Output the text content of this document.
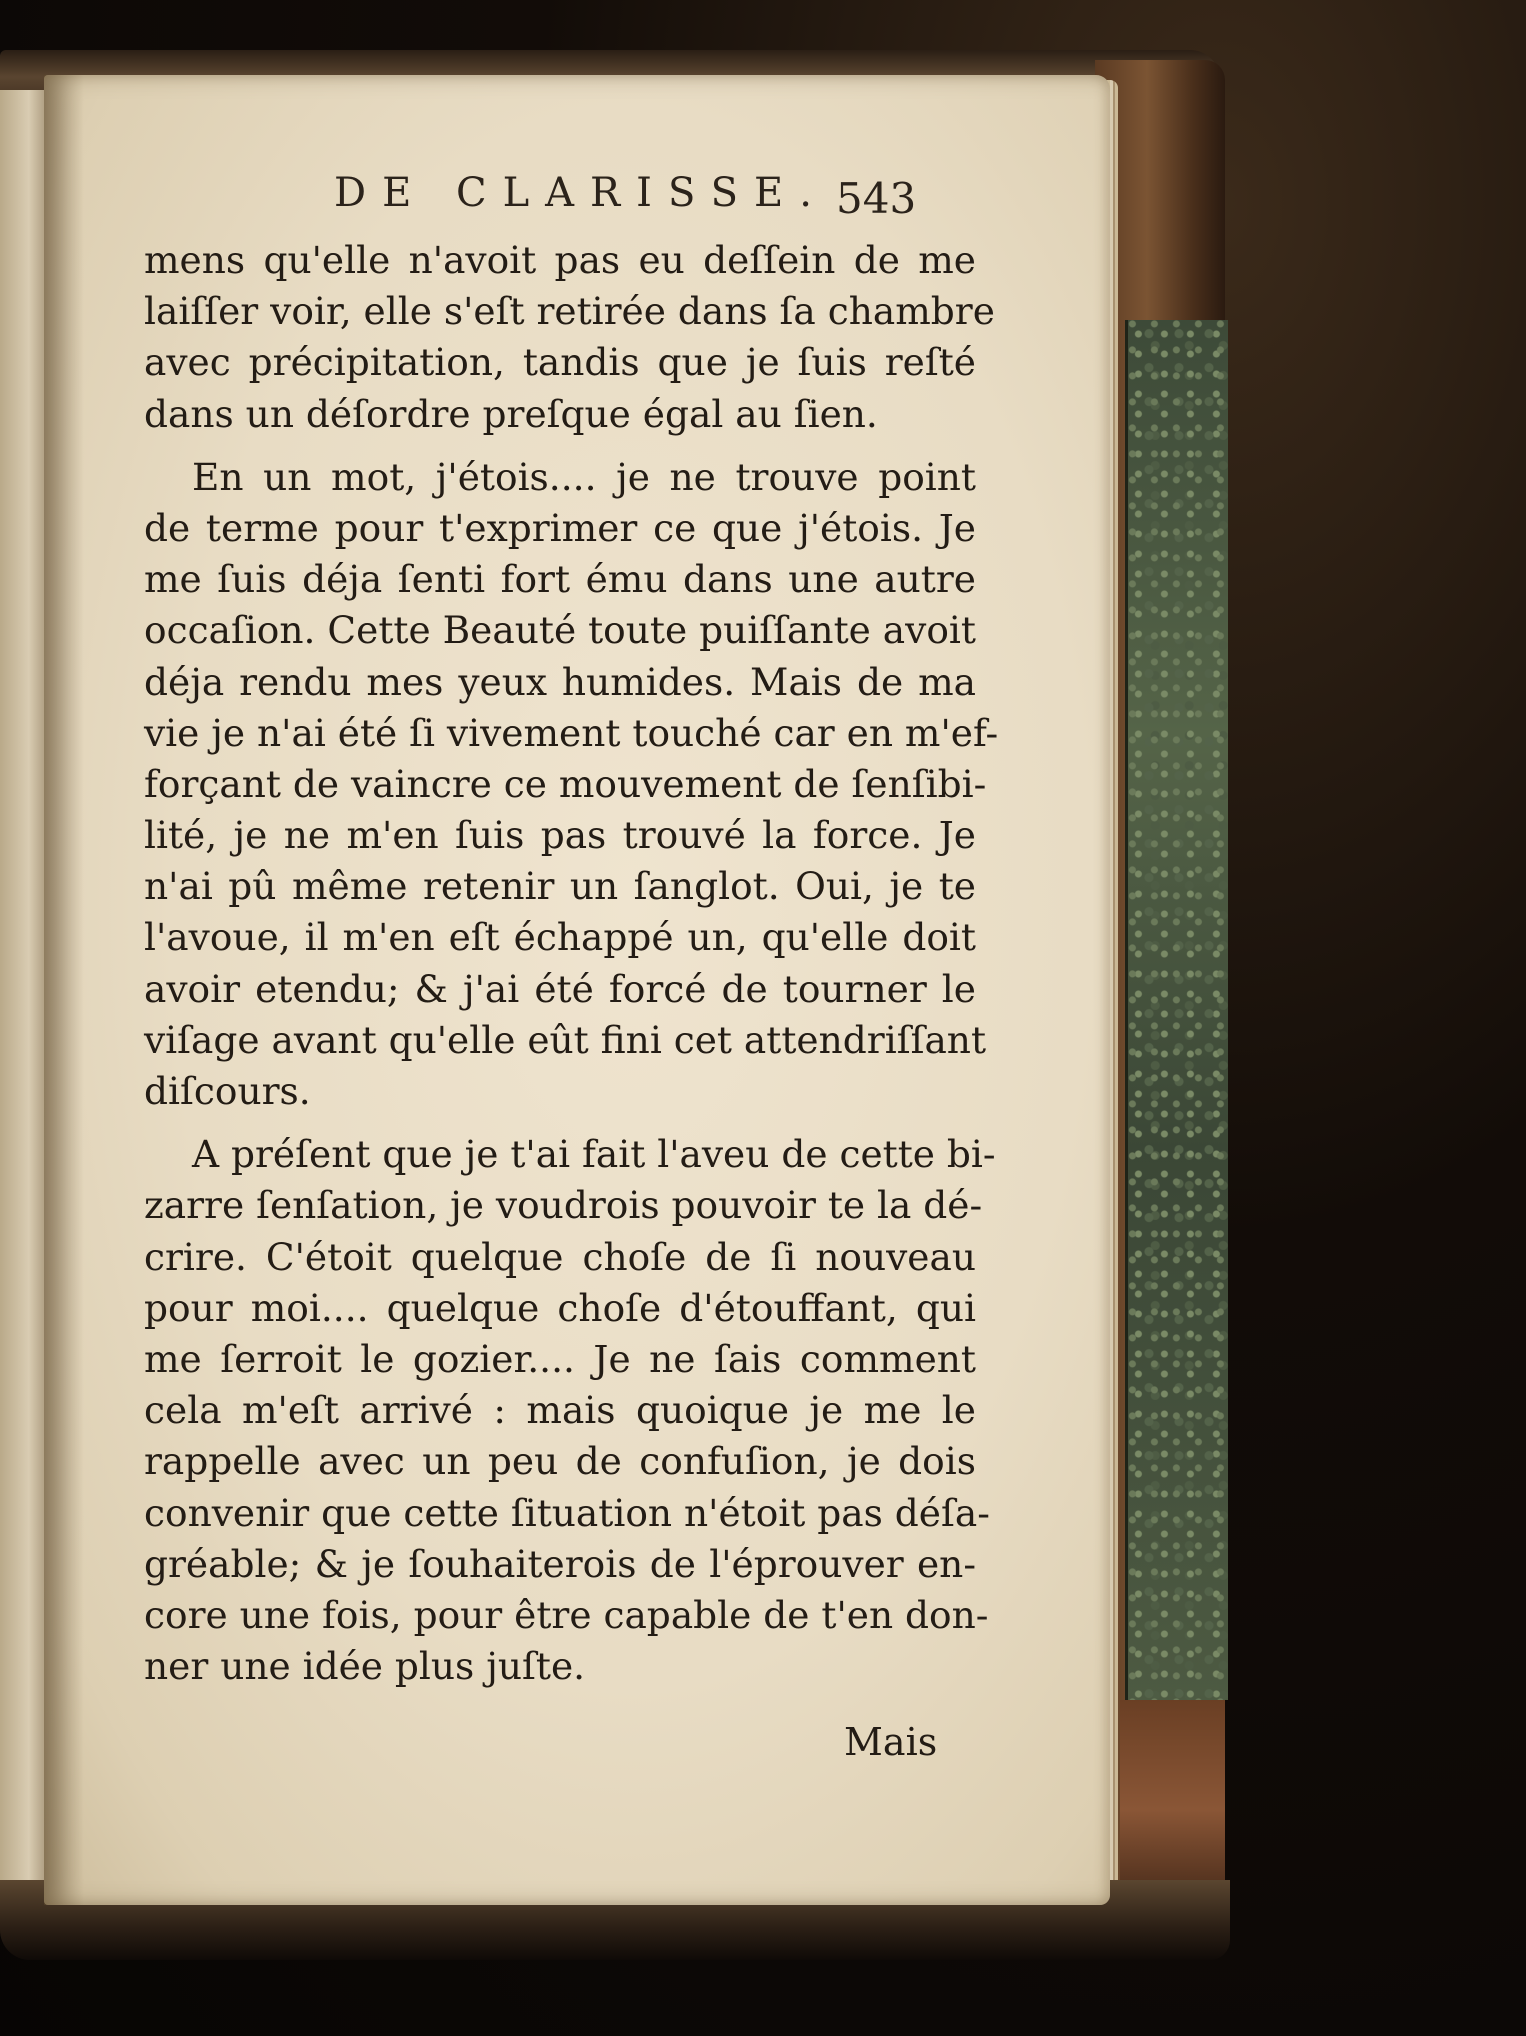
DE CLARISSE. 543
mens qu'elle n'avoit pas eu deſſein de me
laiſſer voir, elle s'eſt retirée dans ſa chambre
avec précipitation, tandis que je ſuis reſté
dans un déſordre preſque égal au ſien.
En un mot, j'étois.... je ne trouve point
de terme pour t'exprimer ce que j'étois. Je
me ſuis déja ſenti fort ému dans une autre
occaſion. Cette Beauté toute puiſſante avoit
déja rendu mes yeux humides. Mais de ma
vie je n'ai été ſi vivement touché car en m'ef-
forçant de vaincre ce mouvement de ſenſibi-
lité, je ne m'en ſuis pas trouvé la force. Je
n'ai pû même retenir un ſanglot. Oui, je te
l'avoue, il m'en eſt échappé un, qu'elle doit
avoir etendu; & j'ai été forcé de tourner le
viſage avant qu'elle eût fini cet attendriſſant
diſcours.
A préſent que je t'ai fait l'aveu de cette bi-
zarre ſenſation, je voudrois pouvoir te la dé-
crire. C'étoit quelque choſe de ſi nouveau
pour moi.... quelque choſe d'étouffant, qui
me ſerroit le gozier.... Je ne ſais comment
cela m'eſt arrivé : mais quoique je me le
rappelle avec un peu de confuſion, je dois
convenir que cette ſituation n'étoit pas déſa-
gréable; & je ſouhaiterois de l'éprouver en-
core une fois, pour être capable de t'en don-
ner une idée plus juſte.
Mais
